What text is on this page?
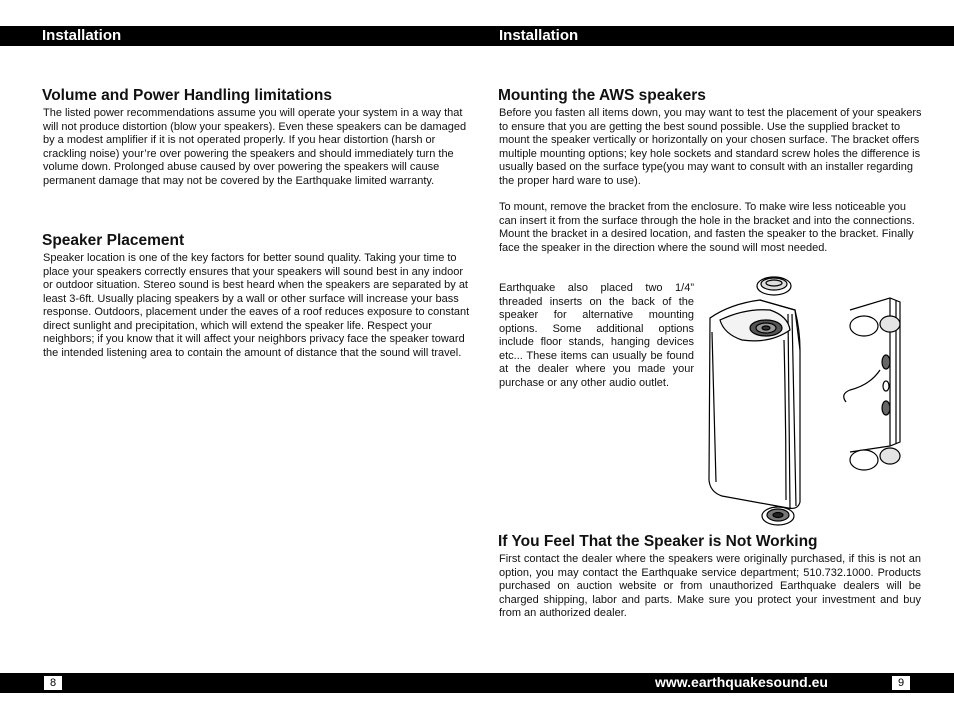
Installation	Installation
Volume and Power Handling limitations

The listed power recommendations assume you will operate your system in a way that will not produce distortion (blow your speakers). Even these speakers can be damaged by a modest amplifier if it is not operated properly. If you hear distortion (harsh or crackling noise) your’re over powering the speakers and should immediately turn the volume down. Prolonged abuse caused by over powering the speakers will cause permanent damage that may not be covered by the Earthquake limited warranty.

Speaker Placement

Speaker location is one of the key factors for better sound quality. Taking your time to place your speakers correctly ensures that your speakers will sound best in any indoor or outdoor situation. Stereo sound is best heard when the speakers are separated by at least 3-6ft. Usually placing speakers by a wall or other surface will increase your bass response. Outdoors, placement under the eaves of a roof reduces exposure to constant direct sunlight and precipitation, which will extend the speaker life. Respect your neighbors; if you know that it will affect your neighbors privacy face the speaker toward the intended listening area to contain the amount of distance that the sound will travel.

Mounting the AWS speakers

Before you fasten all items down, you may want to test the placement of your speakers to ensure that you are getting the best sound possible. Use the supplied bracket to mount the speaker vertically or horizontally on your chosen surface. The bracket offers multiple mounting options; key hole sockets and standard screw holes the difference is usually based on the surface type(you may want to consult with an installer regarding the proper hard ware to use).

To mount, remove the bracket from the enclosure. To make wire less noticeable you can insert it from the surface through the hole in the bracket and into the connections. Mount the bracket in a desired location, and fasten the speaker to the bracket. Finally face the speaker in the direction where the sound will most needed.

Earthquake also placed two 1/4” threaded inserts on the back of the speaker for alternative mounting options. Some additional options include floor stands, hanging devices etc... These items can usually be found at the dealer where you made your purchase or any other audio outlet.

If You Feel That the Speaker is Not Working

First contact the dealer where the speakers were originally purchased, if this is not an option, you may contact the Earthquake service department; 510.732.1000. Products purchased on auction website or from unauthorized Earthquake dealers will be charged shipping, labor and parts. Make sure you protect your investment and buy from an authorized dealer.

8	www.earthquakesound.eu	9
